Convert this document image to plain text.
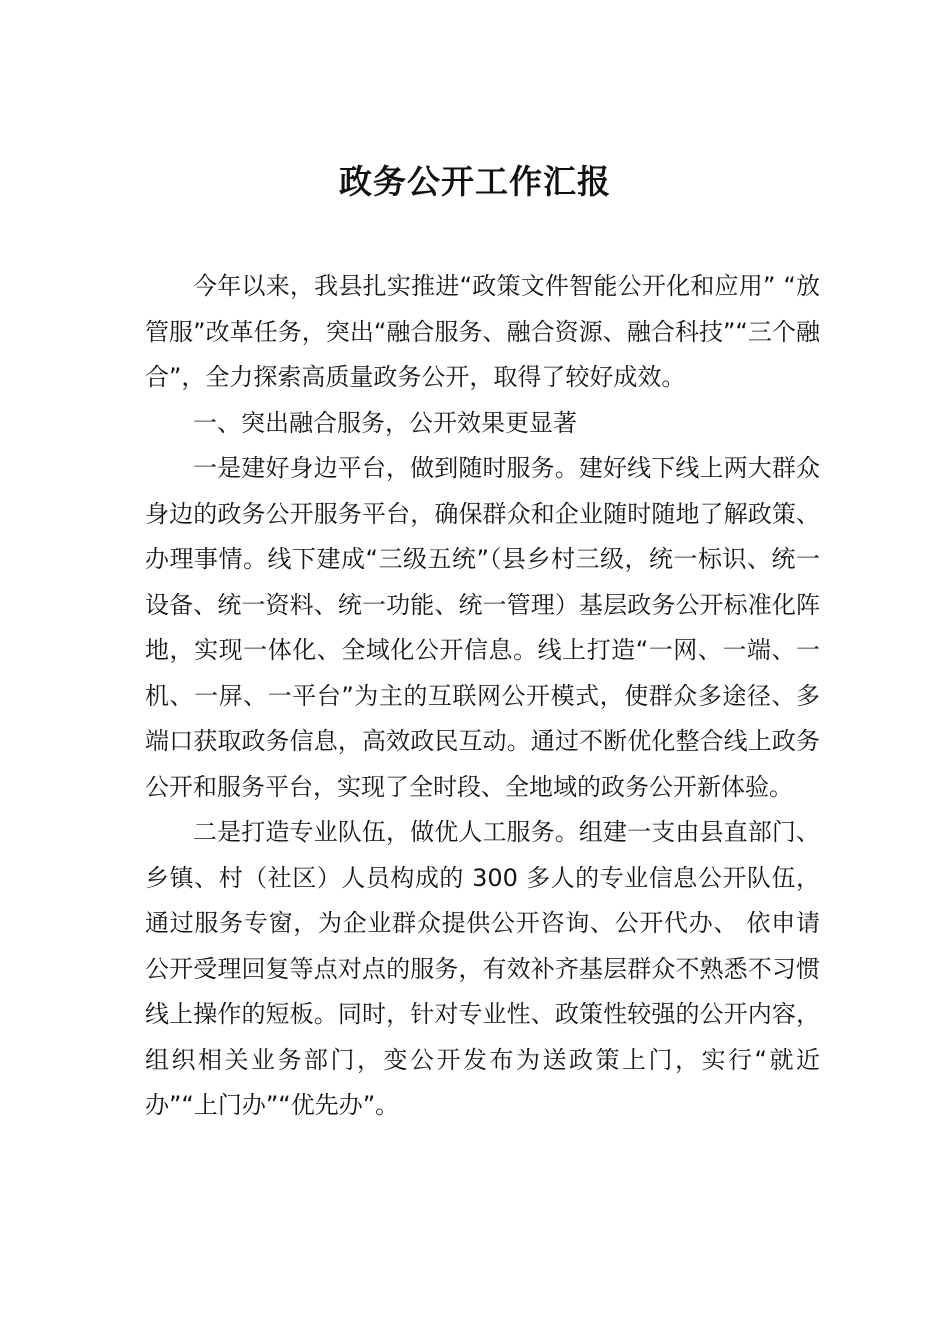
政务公开工作汇报

今年以来，我县扎实推进“政策文件智能公开化和应用” “放管服”改革任务，突出“融合服务、融合资源、融合科技”“三个融合”，全力探索高质量政务公开，取得了较好成效。

一、突出融合服务，公开效果更显著

一是建好身边平台，做到随时服务。建好线下线上两大群众身边的政务公开服务平台，确保群众和企业随时随地了解政策、办理事情。线下建成“三级五统”（县乡村三级，统一标识、统一设备、统一资料、统一功能、统一管理）基层政务公开标准化阵地，实现一体化、全域化公开信息。线上打造“一网、一端、一机、一屏、一平台”为主的互联网公开模式，使群众多途径、多端口获取政务信息，高效政民互动。通过不断优化整合线上政务公开和服务平台，实现了全时段、全地域的政务公开新体验。

二是打造专业队伍，做优人工服务。组建一支由县直部门、乡镇、村（社区）人员构成的 300 多人的专业信息公开队伍，通过服务专窗，为企业群众提供公开咨询、公开代办、 依申请公开受理回复等点对点的服务，有效补齐基层群众不熟悉不习惯线上操作的短板。同时，针对专业性、政策性较强的公开内容，组织相关业务部门，变公开发布为送政策上门，实行“就近办”“上门办”“优先办”。
